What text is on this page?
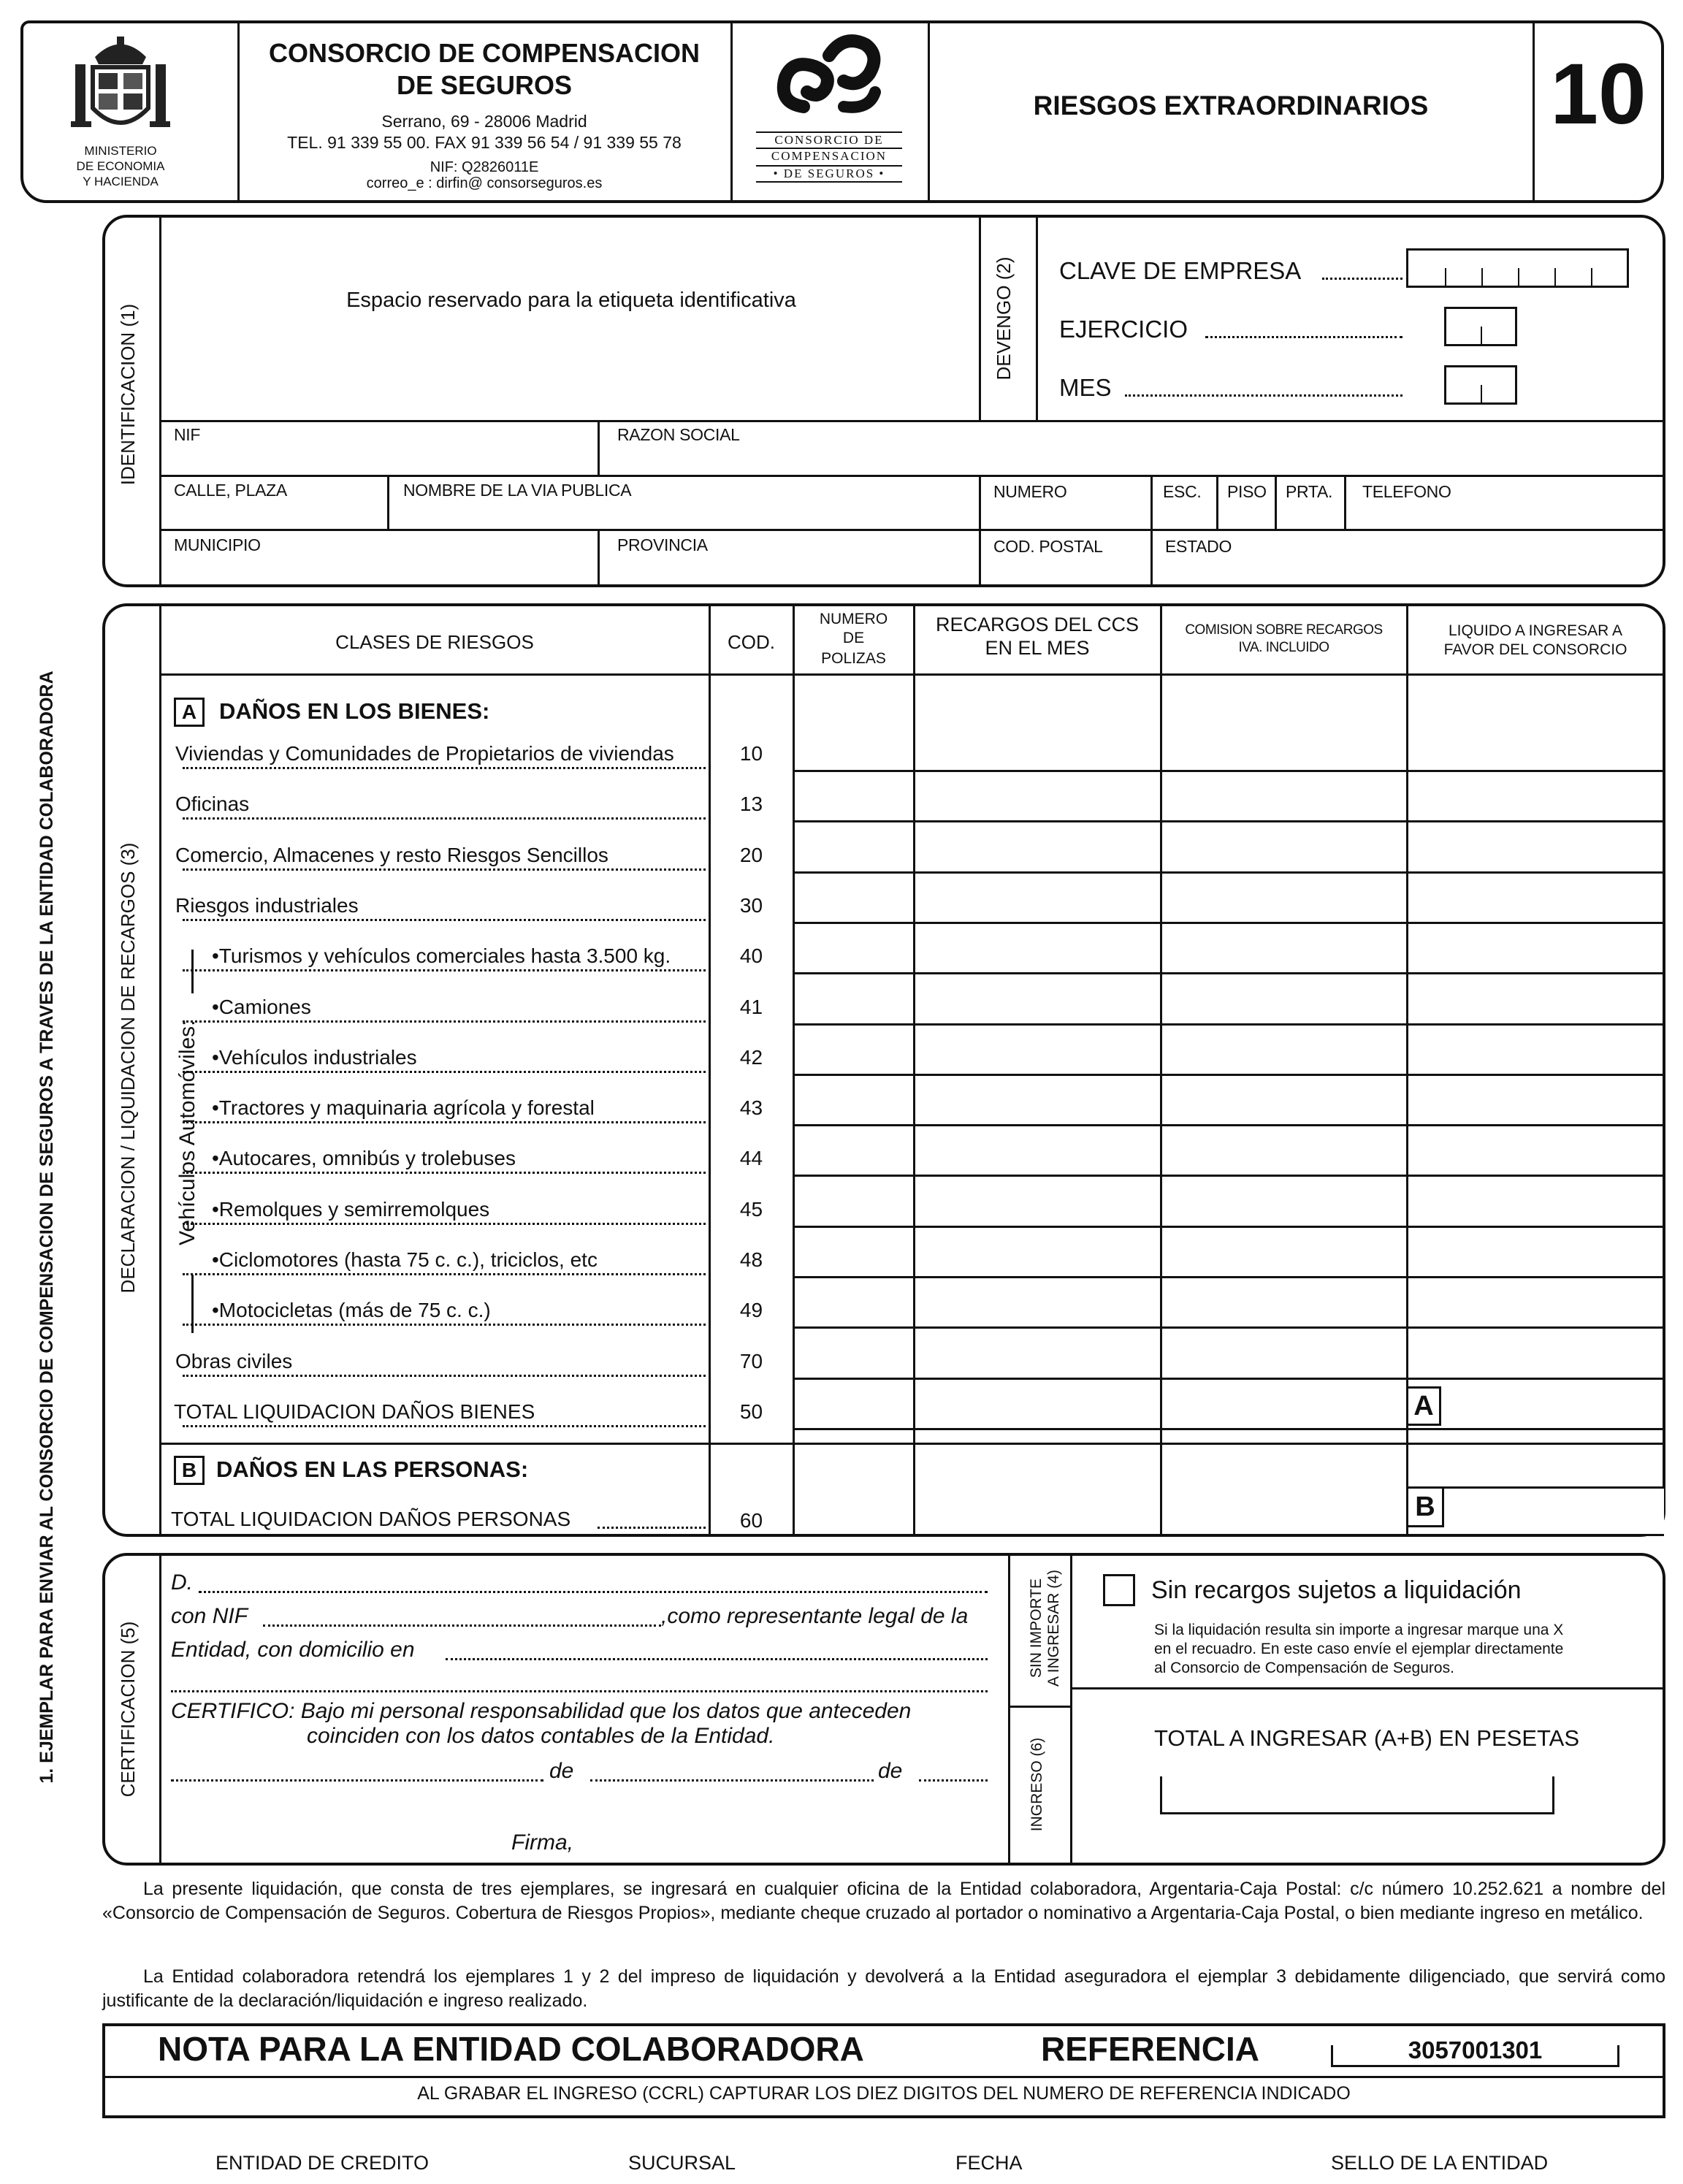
MINISTERIO
DE ECONOMIA
Y HACIENDA
CONSORCIO DE COMPENSACION
DE SEGUROS
Serrano, 69 - 28006 Madrid
TEL. 91 339 55 00. FAX 91 339 56 54 / 91 339 55 78
NIF: Q2826011E
correo_e : dirfin@ consorseguros.es
CONSORCIO DE
COMPENSACION
• DE SEGUROS •
RIESGOS EXTRAORDINARIOS	10
IDENTIFICACION (1)
Espacio reservado para la etiqueta identificativa	DEVENGO (2)	CLAVE DE EMPRESA
EJERCICIO
MES
NIF	RAZON SOCIAL
CALLE, PLAZA	NOMBRE DE LA VIA PUBLICA	NUMERO	ESC. PISO PRTA. TELEFONO
MUNICIPIO	PROVINCIA	COD. POSTAL	ESTADO
DECLARACION / LIQUIDACION DE RECARGOS (3)
CLASES DE RIESGOS	COD.
NUMERO
DE
POLIZAS
RECARGOS DEL CCS
EN EL MES
COMISION SOBRE RECARGOS
IVA. INCLUIDO
LIQUIDO A INGRESAR A
FAVOR DEL CONSORCIO
A DAÑOS EN LOS BIENES:
Vehículos Automóviles:
Viviendas y Comunidades de Propietarios de viviendas	10
Oficinas	13
Comercio, Almacenes y resto Riesgos Sencillos	20
Riesgos industriales	30
•Turismos y vehículos comerciales hasta 3.500 kg.	40
•Camiones	41
•Vehículos industriales	42
•Tractores y maquinaria agrícola y forestal	43
•Autocares, omnibús y trolebuses	44
•Remolques y semirremolques	45
•Ciclomotores (hasta 75 c. c.), triciclos, etc	48
•Motocicletas (más de 75 c. c.)	49
Obras civiles	70
TOTAL LIQUIDACION DAÑOS BIENES	50	A
B DAÑOS EN LAS PERSONAS:
TOTAL LIQUIDACION DAÑOS PERSONAS	60	B
CERTIFICACION (5)
D.
con NIF	,como representante legal de la
Entidad, con domicilio en
CERTIFICO: Bajo mi personal responsabilidad que los datos que anteceden
coinciden con los datos contables de la Entidad.
de	de
Firma,
SIN IMPORTE A INGRESAR (4)
INGRESO (6)
Sin recargos sujetos a liquidación
Si la liquidación resulta sin importe a ingresar marque una X
en el recuadro. En este caso envíe el ejemplar directamente
al Consorcio de Compensación de Seguros.
TOTAL A INGRESAR (A+B) EN PESETAS
1. EJEMPLAR PARA ENVIAR AL CONSORCIO DE COMPENSACION DE SEGUROS A TRAVES DE LA ENTIDAD COLABORADORA
La presente liquidación, que consta de tres ejemplares, se ingresará en cualquier oficina de la Entidad colaboradora, Argentaria-Caja Postal: c/c número 10.252.621 a nombre del «Consorcio de Compensación de Seguros. Cobertura de Riesgos Propios», mediante cheque cruzado al portador o nominativo a Argentaria-Caja Postal, o bien mediante ingreso en metálico.
La Entidad colaboradora retendrá los ejemplares 1 y 2 del impreso de liquidación y devolverá a la Entidad aseguradora el ejemplar 3 debidamente diligenciado, que servirá como justificante de la declaración/liquidación e ingreso realizado.
NOTA PARA LA ENTIDAD COLABORADORA	REFERENCIA	3057001301
AL GRABAR EL INGRESO (CCRL) CAPTURAR LOS DIEZ DIGITOS DEL NUMERO DE REFERENCIA INDICADO
ENTIDAD DE CREDITO	SUCURSAL	FECHA	SELLO DE LA ENTIDAD
